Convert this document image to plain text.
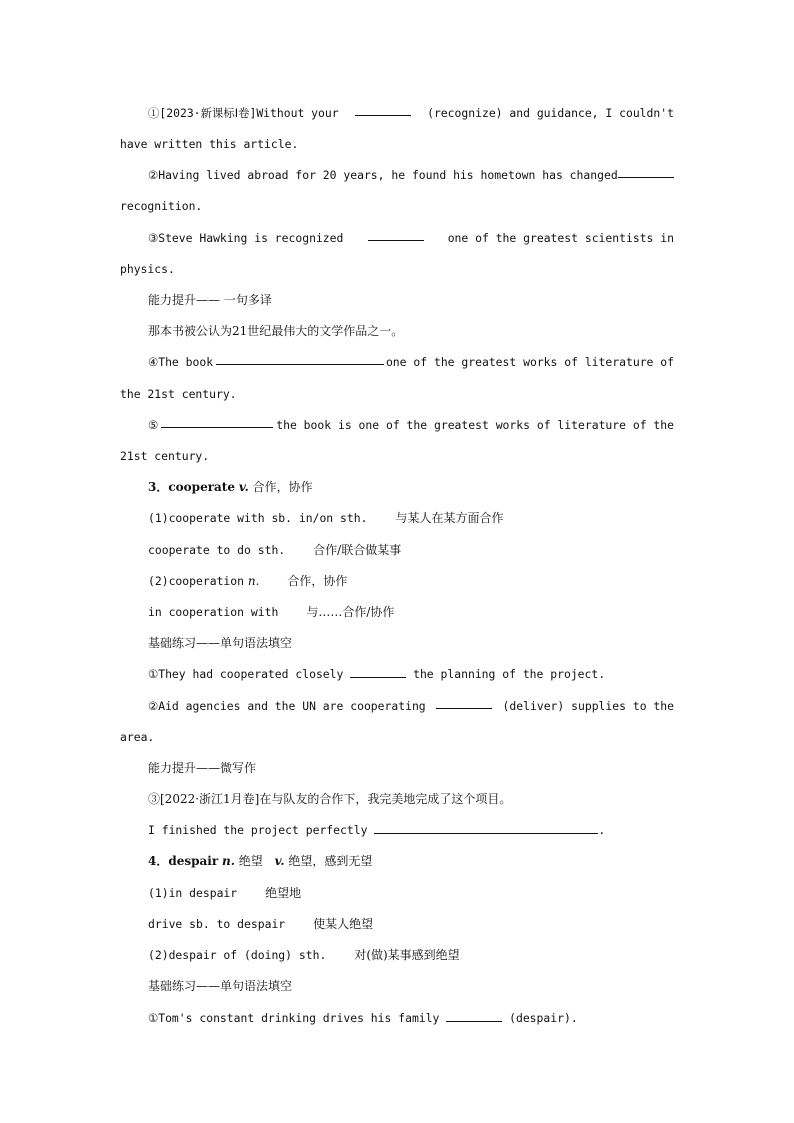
①[2023·新课标Ⅰ卷]Without your	(recognize) and guidance, I couldn't
have written this article.
②Having lived abroad for 20 years, he found his hometown has changed
recognition.
③Steve Hawking is recognized	one of the greatest scientists in
physics.
能力提升—— 一句多译
那本书被公认为21世纪最伟大的文学作品之一。
④The book	one of the greatest works of literature of
the 21st century.
⑤	the book is one of the greatest works of literature of the
21st century.
3．cooperate v. 合作，协作
(1)cooperate with sb. in/on sth. 与某人在某方面合作
cooperate to do sth. 合作/联合做某事
(2)cooperation n. 合作，协作
in cooperation with 与……合作/协作
基础练习——单句语法填空
①They had cooperated closely	the planning of the project.
②Aid agencies and the UN are cooperating	(deliver) supplies to the
area.
能力提升——微写作
③[2022·浙江1月卷]在与队友的合作下，我完美地完成了这个项目。
I finished the project perfectly	.
4．despair n. 绝望 v. 绝望，感到无望
(1)in despair 绝望地
drive sb. to despair 使某人绝望
(2)despair of (doing) sth. 对(做)某事感到绝望
基础练习——单句语法填空
①Tom's constant drinking drives his family	(despair).
